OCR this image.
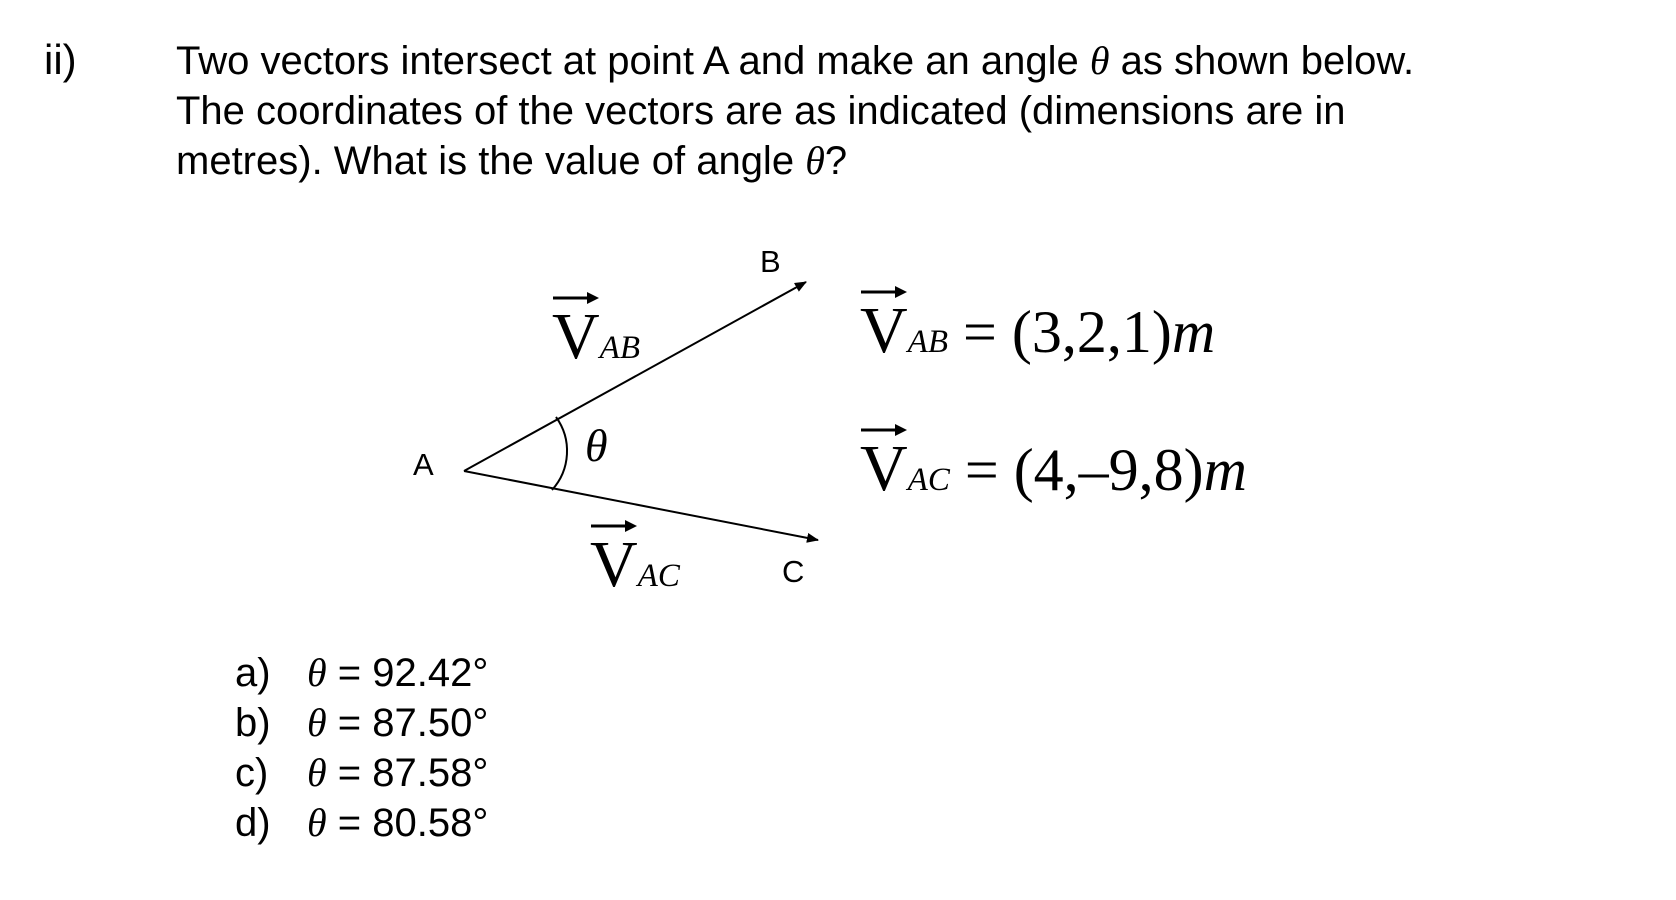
ii) Two vectors intersect at point A and make an angle θ as shown below.
The coordinates of the vectors are as indicated (dimensions are in
metres). What is the value of angle θ?
A
B
C
θ
VAB
VAC
VAB = (3,2,1)m
VAC = (4,–9,8)m
a) θ = 92.42°
b) θ = 87.50°
c) θ = 87.58°
d) θ = 80.58°
